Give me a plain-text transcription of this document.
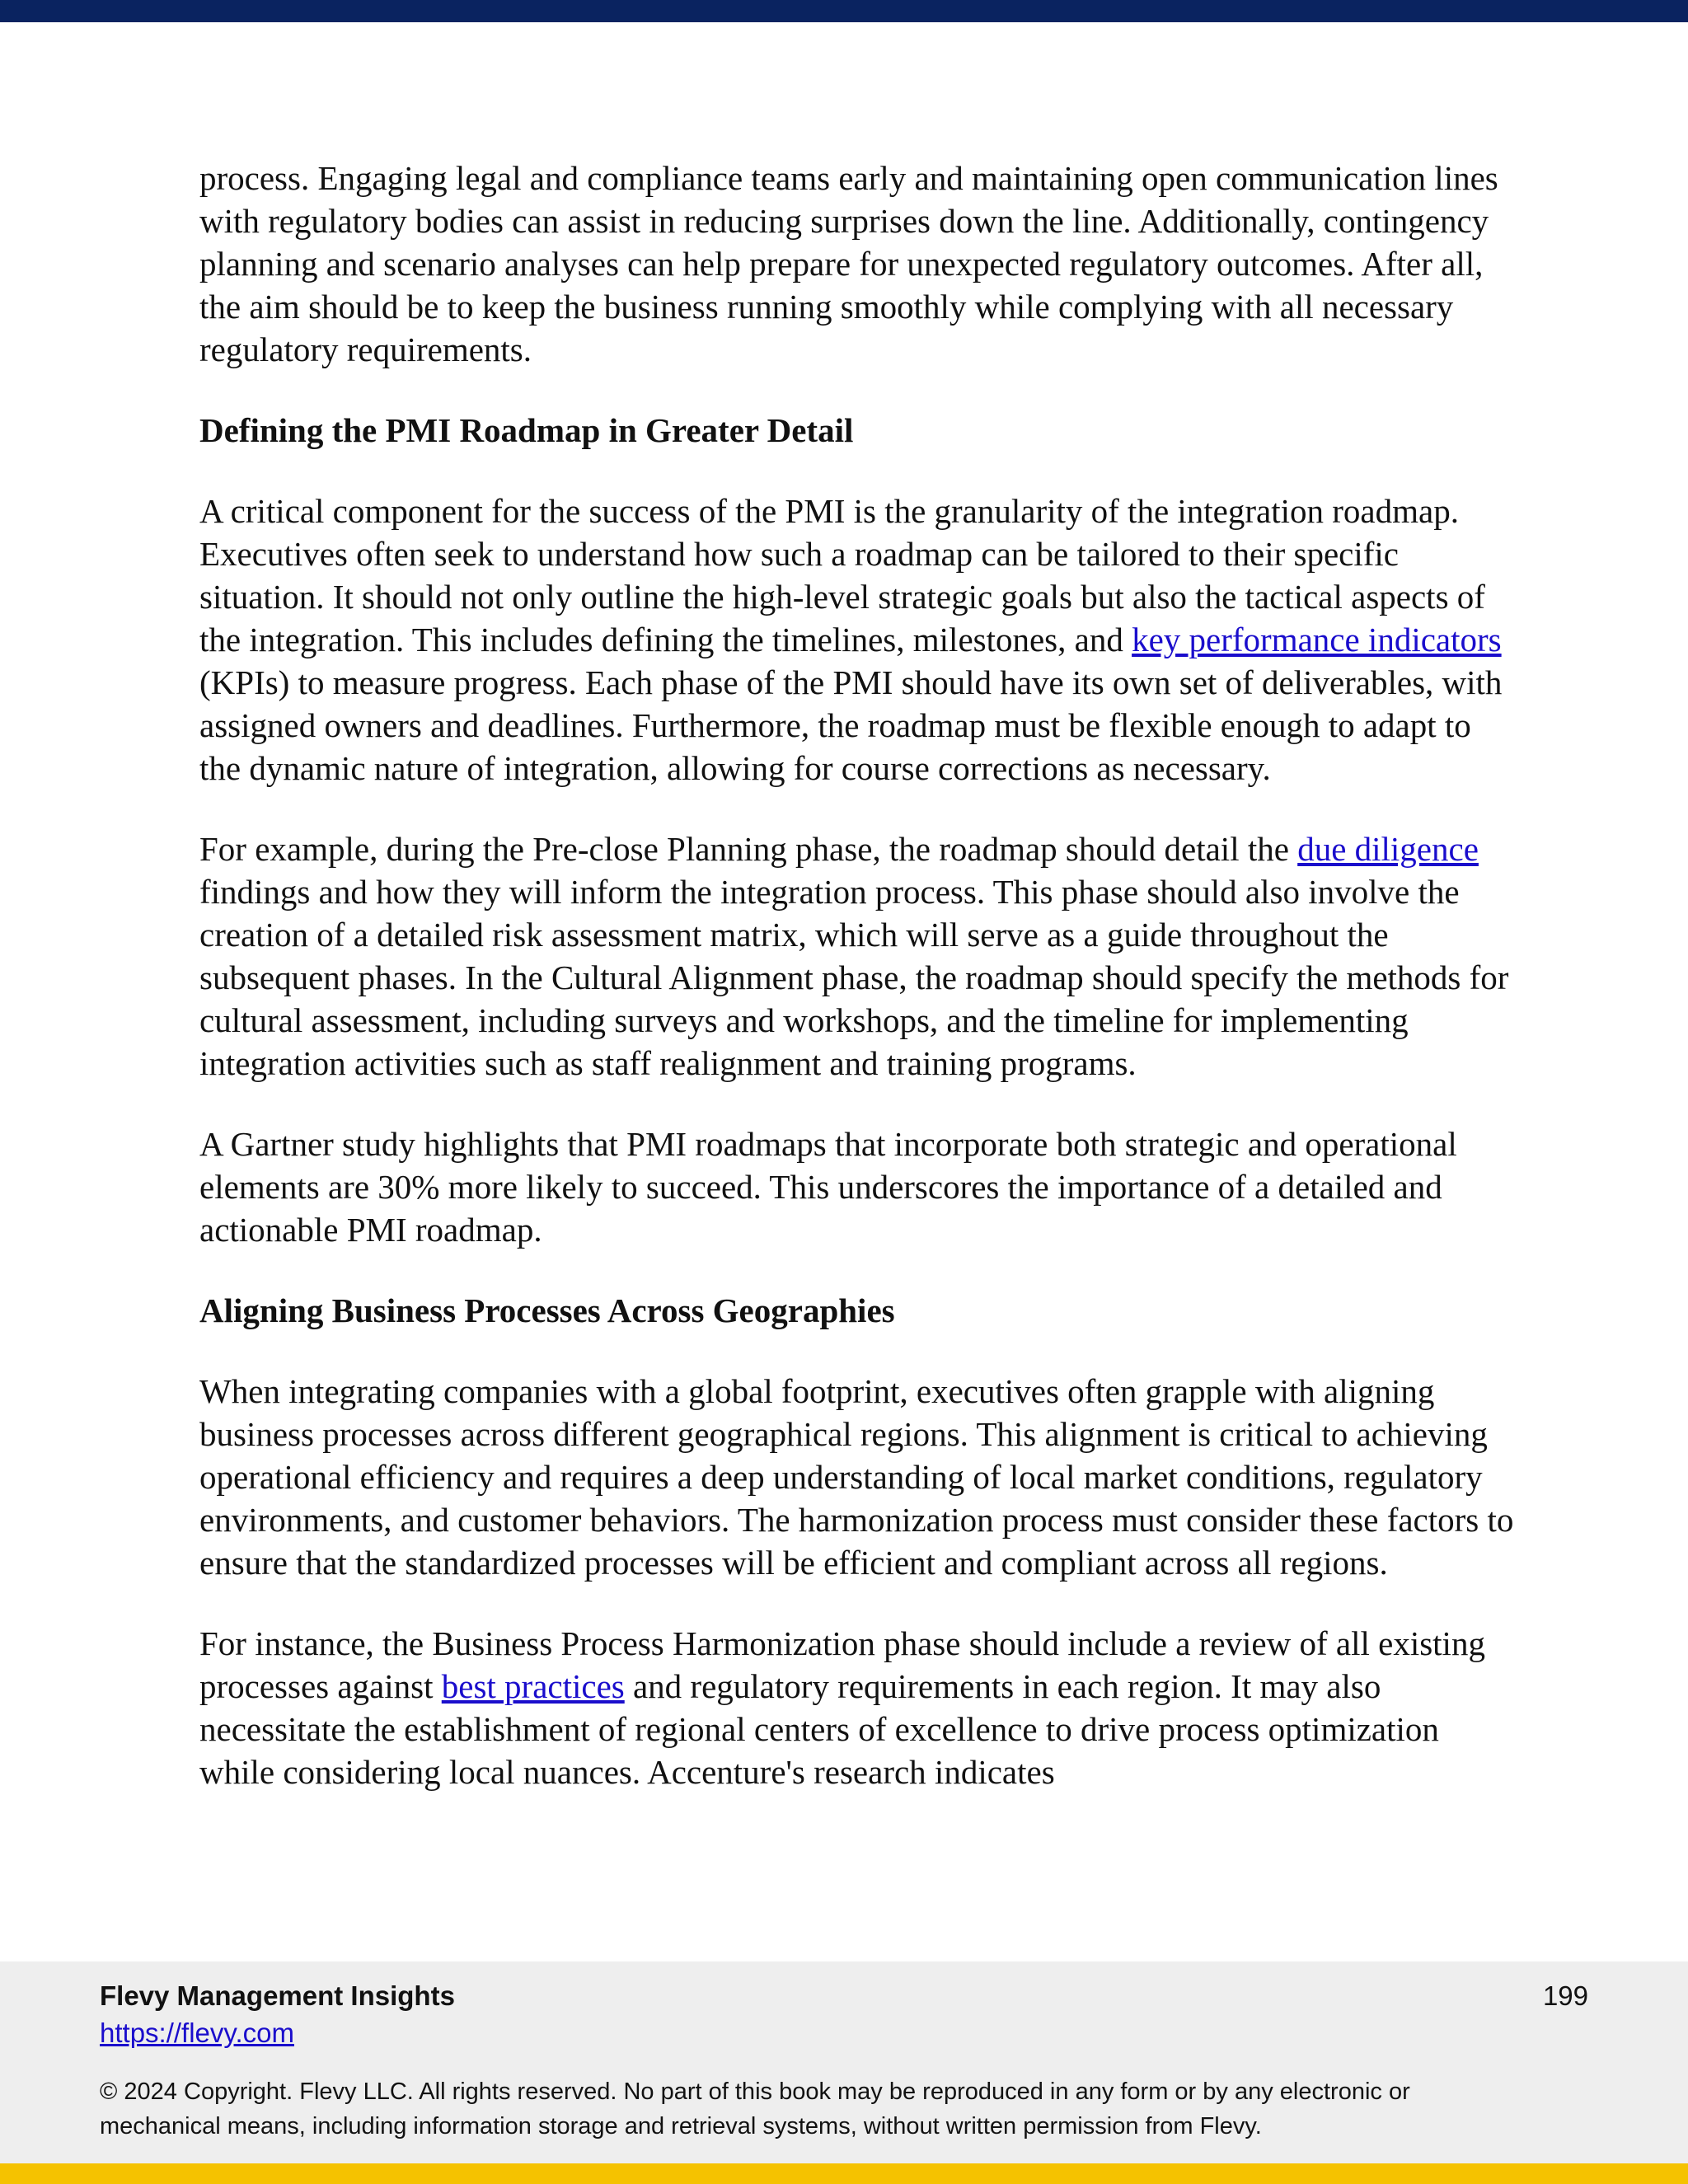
process. Engaging legal and compliance teams early and maintaining open communication lines with regulatory bodies can assist in reducing surprises down the line. Additionally, contingency planning and scenario analyses can help prepare for unexpected regulatory outcomes. After all, the aim should be to keep the business running smoothly while complying with all necessary regulatory requirements.

Defining the PMI Roadmap in Greater Detail

A critical component for the success of the PMI is the granularity of the integration roadmap. Executives often seek to understand how such a roadmap can be tailored to their specific situation. It should not only outline the high-level strategic goals but also the tactical aspects of the integration. This includes defining the timelines, milestones, and key performance indicators (KPIs) to measure progress. Each phase of the PMI should have its own set of deliverables, with assigned owners and deadlines. Furthermore, the roadmap must be flexible enough to adapt to the dynamic nature of integration, allowing for course corrections as necessary.

For example, during the Pre-close Planning phase, the roadmap should detail the due diligence findings and how they will inform the integration process. This phase should also involve the creation of a detailed risk assessment matrix, which will serve as a guide throughout the subsequent phases. In the Cultural Alignment phase, the roadmap should specify the methods for cultural assessment, including surveys and workshops, and the timeline for implementing integration activities such as staff realignment and training programs.

A Gartner study highlights that PMI roadmaps that incorporate both strategic and operational elements are 30% more likely to succeed. This underscores the importance of a detailed and actionable PMI roadmap.

Aligning Business Processes Across Geographies

When integrating companies with a global footprint, executives often grapple with aligning business processes across different geographical regions. This alignment is critical to achieving operational efficiency and requires a deep understanding of local market conditions, regulatory environments, and customer behaviors. The harmonization process must consider these factors to ensure that the standardized processes will be efficient and compliant across all regions.

For instance, the Business Process Harmonization phase should include a review of all existing processes against best practices and regulatory requirements in each region. It may also necessitate the establishment of regional centers of excellence to drive process optimization while considering local nuances. Accenture's research indicates

Flevy Management Insights
https://flevy.com
199
© 2024 Copyright. Flevy LLC. All rights reserved. No part of this book may be reproduced in any form or by any electronic or mechanical means, including information storage and retrieval systems, without written permission from Flevy.
